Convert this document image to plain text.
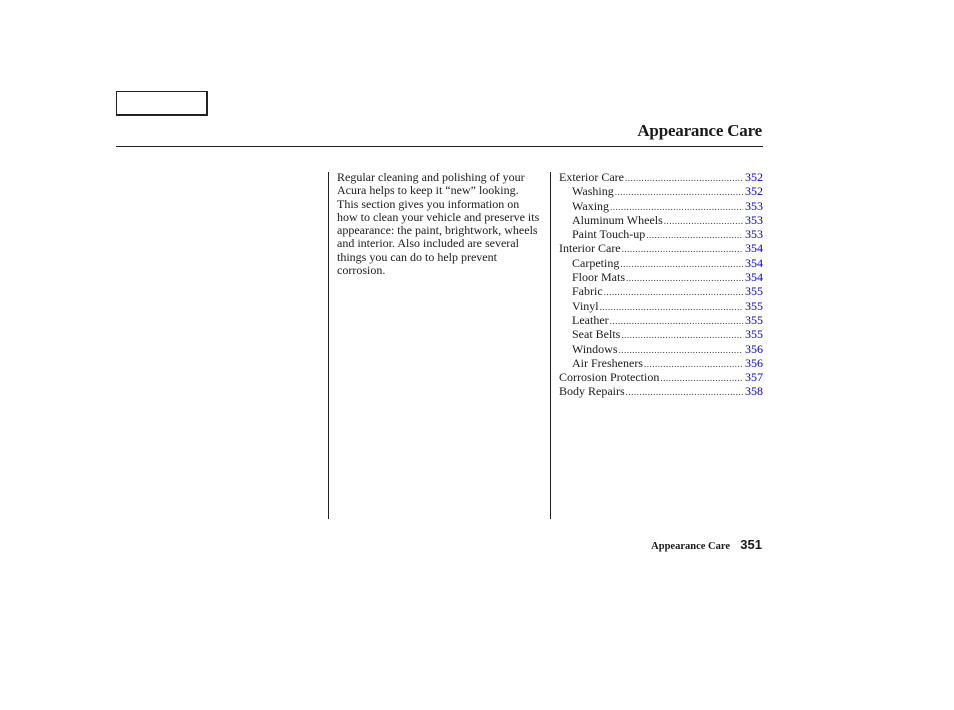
Appearance Care

Regular cleaning and polishing of your Acura helps to keep it “new” looking. This section gives you information on how to clean your vehicle and preserve its appearance: the paint, brightwork, wheels and interior. Also included are several things you can do to help prevent corrosion.

Exterior Care .....	352
Washing .....	352
Waxing .....	353
Aluminum Wheels .....	353
Paint Touch-up .....	353
Interior Care .....	354
Carpeting .....	354
Floor Mats .....	354
Fabric .....	355
Vinyl .....	355
Leather .....	355
Seat Belts .....	355
Windows .....	356
Air Fresheners .....	356
Corrosion Protection .....	357
Body Repairs .....	358
Appearance Care 351
